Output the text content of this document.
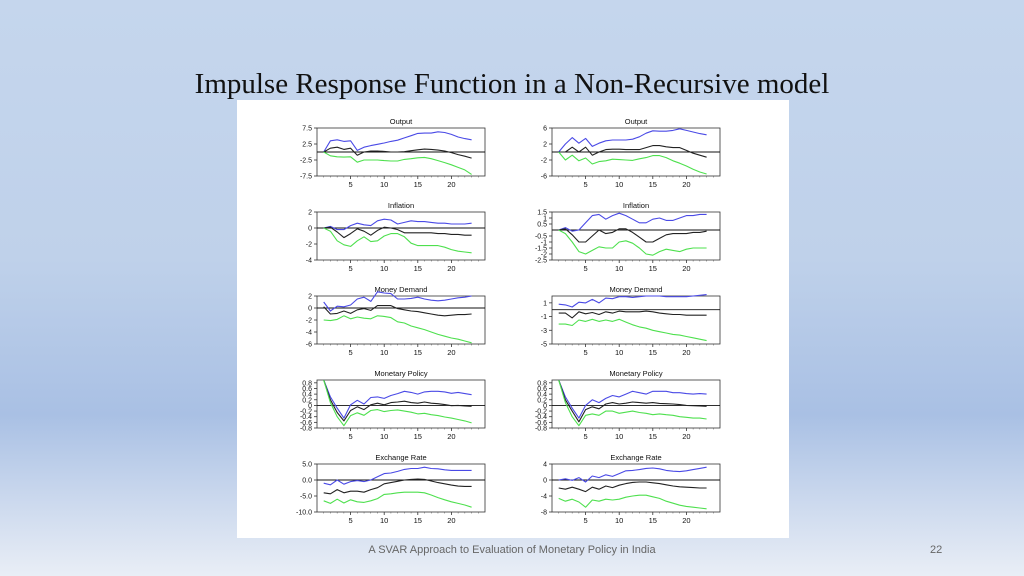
Impulse Response Function in a Non-Recursive model
Output
7.5
2.5
-2.5
-7.5
5	10	15	20
Output
6
2
-2
-6
5	10	15	20
Inflation
2
0
-2
-4
5	10	15	20
Inflation
1.5
1
0.5
-0.5
-1
-1.5
-2
-2.5
5	10	15	20
Money Demand
2
0
-2
-4
-6
5	10	15	20
Money Demand
1
-1
-3
-5
5	10	15	20
Monetary Policy
0.8
0.6
0.4
0.2
0
-0.2
-0.4
-0.6
-0.8
5	10	15	20
Monetary Policy
0.8
0.6
0.4
0.2
0
-0.2
-0.4
-0.6
-0.8
5	10	15	20
Exchange Rate
5.0
0.0
-5.0
-10.0
5	10	15	20
Exchange Rate
4
0
-4
-8
5	10	15	20
A SVAR Approach to Evaluation of Monetary Policy in India	22
